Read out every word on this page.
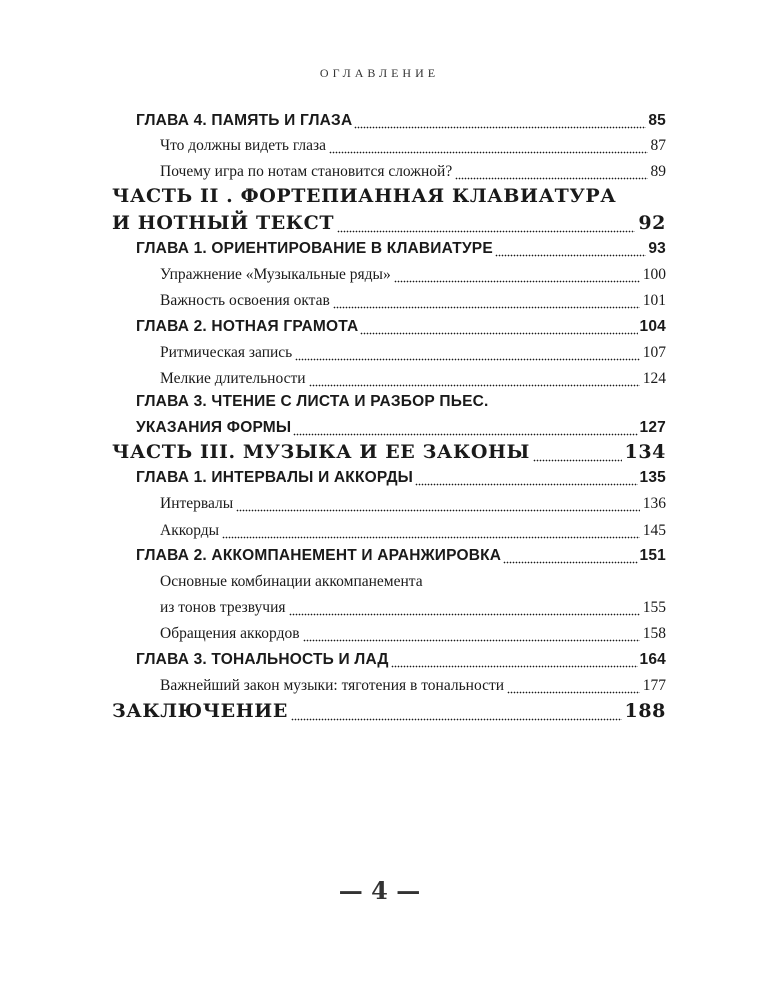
ОГЛАВЛЕНИЕ
ГЛАВА 4. ПАМЯТЬ И ГЛАЗА	85
Что должны видеть глаза	87
Почему игра по нотам становится сложной?	89
ЧАСТЬ II . ФОРТЕПИАННАЯ КЛАВИАТУРА
И НОТНЫЙ ТЕКСТ	92
ГЛАВА 1. ОРИЕНТИРОВАНИЕ В КЛАВИАТУРЕ	93
Упражнение «Музыкальные ряды»	100
Важность освоения октав	101
ГЛАВА 2. НОТНАЯ ГРАМОТА	104
Ритмическая запись	107
Мелкие длительности	124
ГЛАВА 3. ЧТЕНИЕ С ЛИСТА И РАЗБОР ПЬЕС.
УКАЗАНИЯ ФОРМЫ	127
ЧАСТЬ III. МУЗЫКА И ЕЕ ЗАКОНЫ	134
ГЛАВА 1. ИНТЕРВАЛЫ И АККОРДЫ	135
Интервалы	136
Аккорды	145
ГЛАВА 2. АККОМПАНЕМЕНТ И АРАНЖИРОВКА	151
Основные комбинации аккомпанемента
из тонов трезвучия	155
Обращения аккордов	158
ГЛАВА 3. ТОНАЛЬНОСТЬ И ЛАД	164
Важнейший закон музыки: тяготения в тональности	177
ЗАКЛЮЧЕНИЕ	188
— 4 —
